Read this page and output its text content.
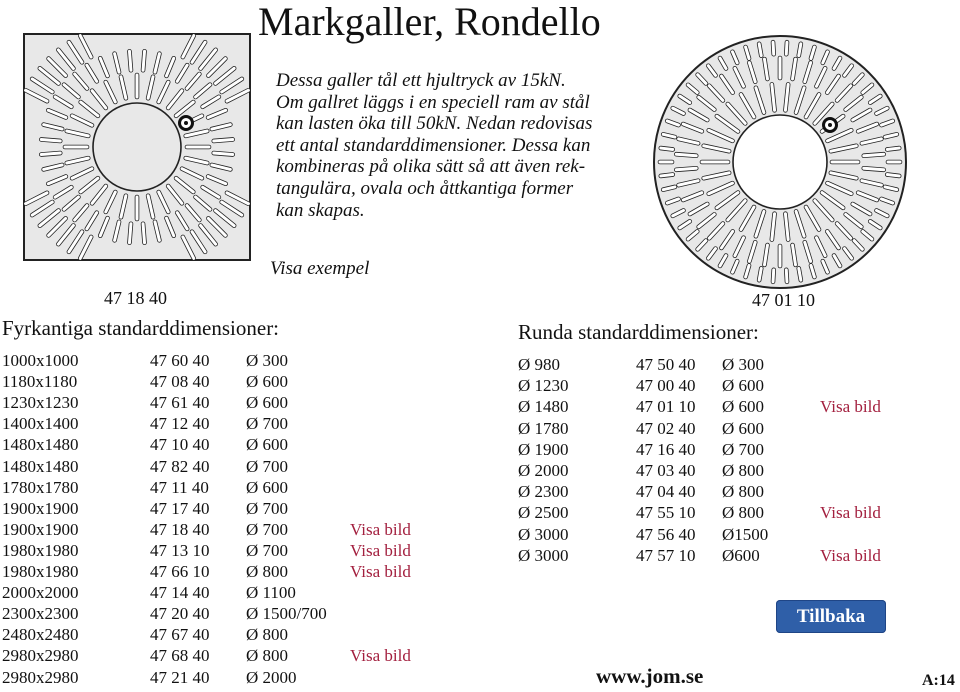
Markgaller, Rondello
Dessa galler tål ett hjultryck av 15kN.
Om gallret läggs i en speciell ram av stål
kan lasten öka till 50kN. Nedan redovisas
ett antal standarddimensioner. Dessa kan
kombineras på olika sätt så att även rek-
tangulära, ovala och åttkantiga former
kan skapas.
Visa exempel
47 18 40	47 01 10
Fyrkantiga standarddimensioner:	Runda standarddimensioner:
1000x1000	47 60 40 Ø 300
1180x1180	47 08 40 Ø 600
1230x1230	47 61 40 Ø 600
1400x1400	47 12 40 Ø 700
1480x1480	47 10 40 Ø 600
1480x1480	47 82 40 Ø 700
1780x1780	47 11 40 Ø 600
1900x1900	47 17 40 Ø 700
1900x1900	47 18 40 Ø 700	Visa bild
1980x1980	47 13 10 Ø 700	Visa bild
1980x1980	47 66 10 Ø 800	Visa bild
2000x2000	47 14 40 Ø 1100
2300x2300	47 20 40 Ø 1500/700
2480x2480	47 67 40 Ø 800
2980x2980	47 68 40 Ø 800	Visa bild
2980x2980	47 21 40 Ø 2000
Ø 980	47 50 40 Ø 300
Ø 1230	47 00 40 Ø 600
Ø 1480	47 01 10 Ø 600	Visa bild
Ø 1780	47 02 40 Ø 600
Ø 1900	47 16 40 Ø 700
Ø 2000	47 03 40 Ø 800
Ø 2300	47 04 40 Ø 800
Ø 2500	47 55 10 Ø 800	Visa bild
Ø 3000	47 56 40 Ø1500
Ø 3000	47 57 10 Ø600	Visa bild
Tillbaka
www.jom.se	A:14
